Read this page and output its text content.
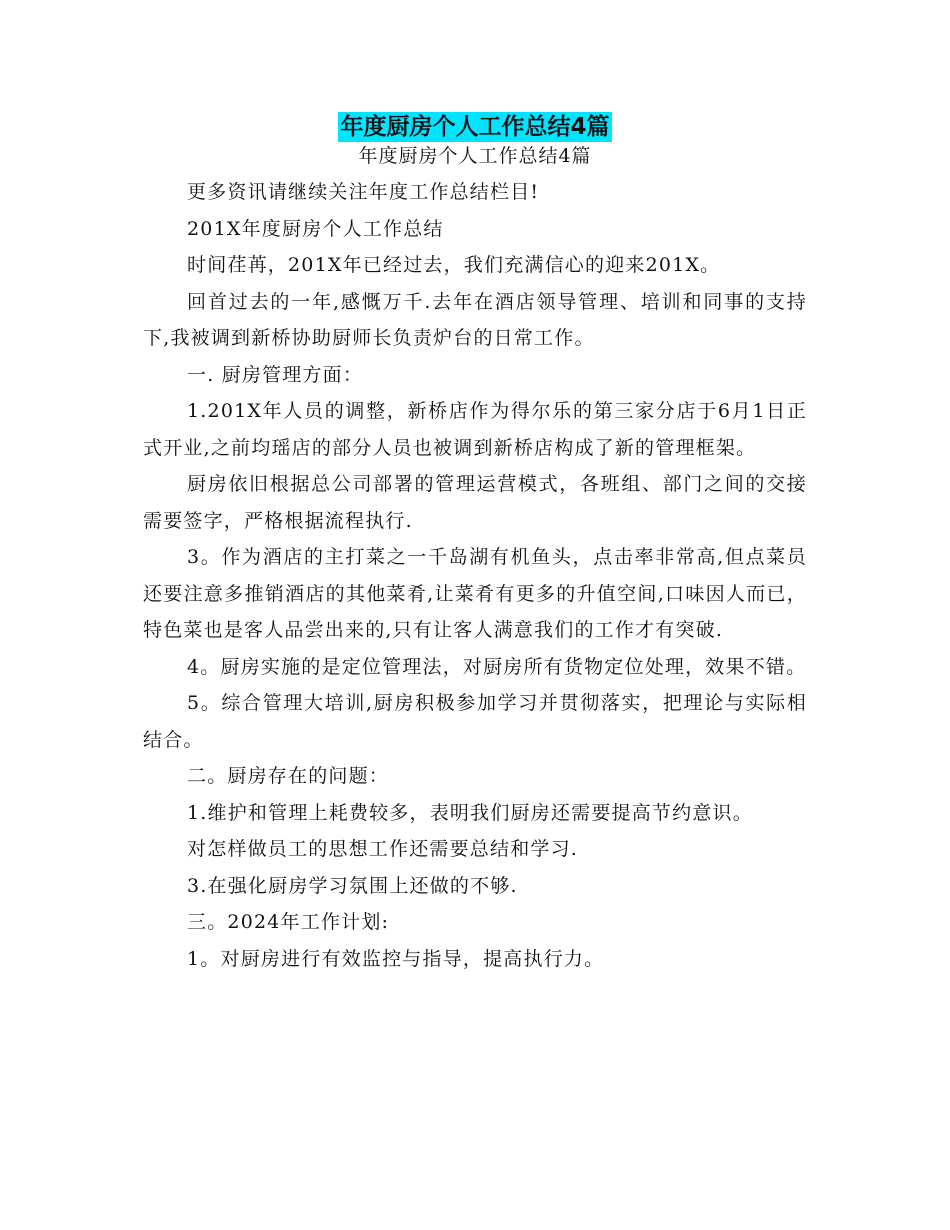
年度厨房个人工作总结4篇
年度厨房个人工作总结4篇

更多资讯请继续关注年度工作总结栏目!

201X年度厨房个人工作总结

时间荏苒，201X年已经过去，我们充满信心的迎来201X。

回首过去的一年,感慨万千.去年在酒店领导管理、培训和同事的支持下,我被调到新桥协助厨师长负责炉台的日常工作。

一. 厨房管理方面：

1.201X年人员的调整，新桥店作为得尔乐的第三家分店于6月1日正式开业,之前均瑶店的部分人员也被调到新桥店构成了新的管理框架。

厨房依旧根据总公司部署的管理运营模式，各班组、部门之间的交接需要签字，严格根据流程执行.

3。作为酒店的主打菜之一千岛湖有机鱼头，点击率非常高,但点菜员还要注意多推销酒店的其他菜肴,让菜肴有更多的升值空间,口味因人而已，特色菜也是客人品尝出来的,只有让客人满意我们的工作才有突破.

4。厨房实施的是定位管理法，对厨房所有货物定位处理，效果不错。

5。综合管理大培训,厨房积极参加学习并贯彻落实，把理论与实际相结合。

二。厨房存在的问题：

1.维护和管理上耗费较多，表明我们厨房还需要提高节约意识。

对怎样做员工的思想工作还需要总结和学习.

3.在强化厨房学习氛围上还做的不够.

三。2024年工作计划:

1。对厨房进行有效监控与指导，提高执行力。
